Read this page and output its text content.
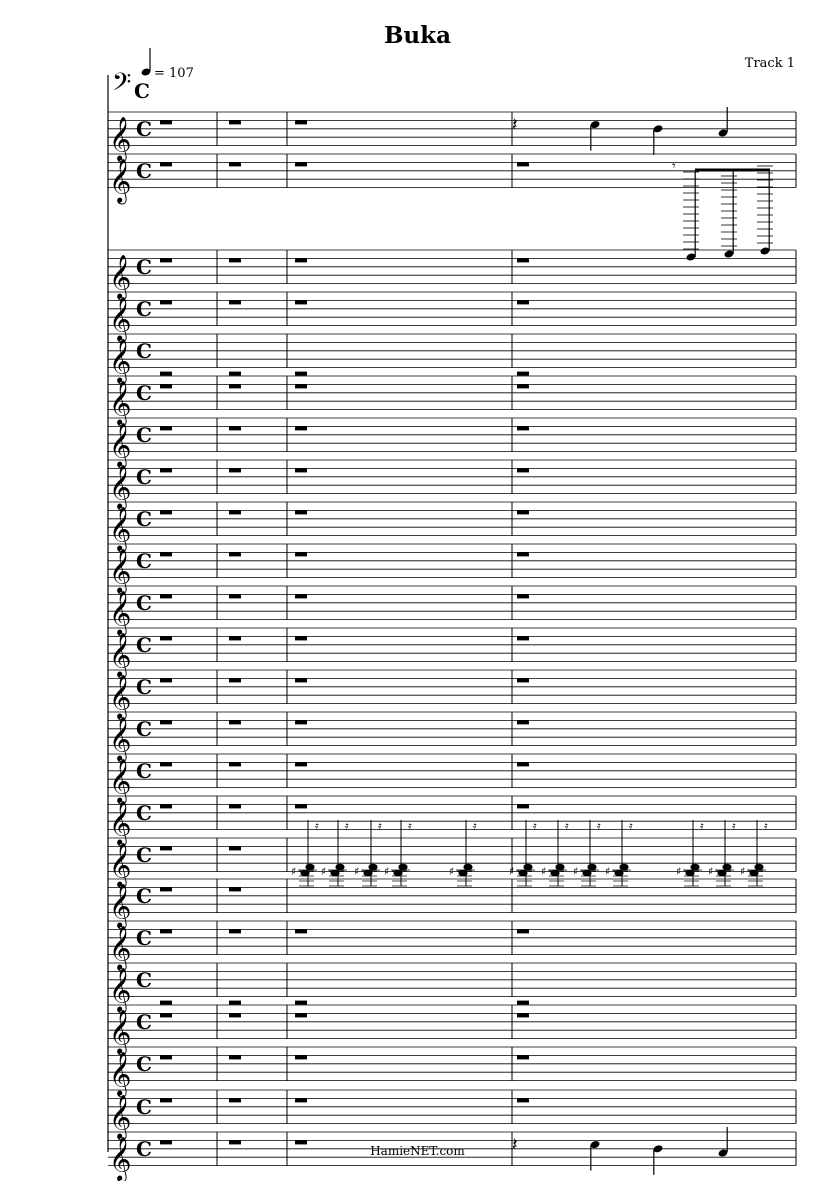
Buka
Track 1
= 107
𝄞 C	𝄽
𝄞 C	𝄾
𝄞 C
𝄞 C
𝄞 C
𝄞 C
𝄞 C
𝄞 C
𝄞 C
𝄞 C
𝄞 C
𝄞 C
𝄞 C
𝄞 C
𝄞 C
𝄞 C
𝄞 C
𝄿 𝄿 𝄿 𝄿	𝄿	𝄿 𝄿 𝄿 𝄿	𝄿 𝄿 𝄿
𝄞 C
♯ ♯	♯ ♯	♯	♯ ♯ ♯ ♯	♯ ♯ ♯
𝄞 C
𝄞 C
𝄞 C
𝄞 C
𝄞 C
𝄞 C	𝄽
𝄢 C
HamieNET.com
